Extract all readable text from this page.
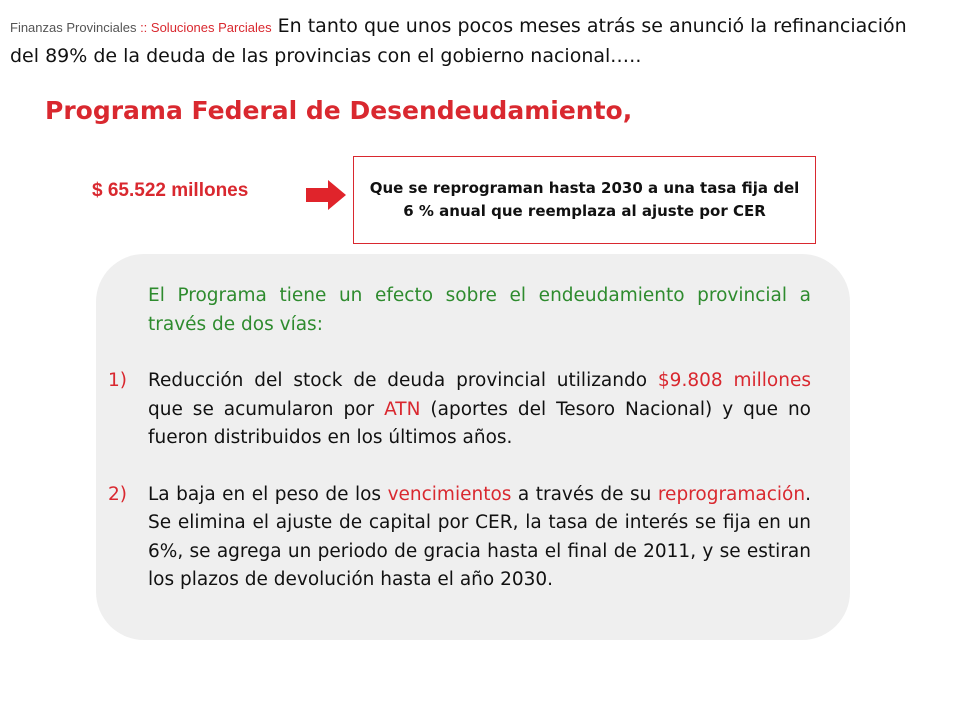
Finanzas Provinciales :: Soluciones Parciales En tanto que unos pocos meses atrás se anunció la refinanciación del 89% de la deuda de las provincias con el gobierno nacional.….
Programa Federal de Desendeudamiento,
$ 65.522 millones	Que se reprograman hasta 2030 a una tasa fija del 6 % anual que reemplaza al ajuste por CER
El Programa tiene un efecto sobre el endeudamiento provincial a través de dos vías:
1)	Reducción del stock de deuda provincial utilizando $9.808 millones que se acumularon por ATN (aportes del Tesoro Nacional) y que no fueron distribuidos en los últimos años.
2)	La baja en el peso de los vencimientos a través de su reprogramación. Se elimina el ajuste de capital por CER, la tasa de interés se fija en un 6%, se agrega un periodo de gracia hasta el final de 2011, y se estiran los plazos de devolución hasta el año 2030.
